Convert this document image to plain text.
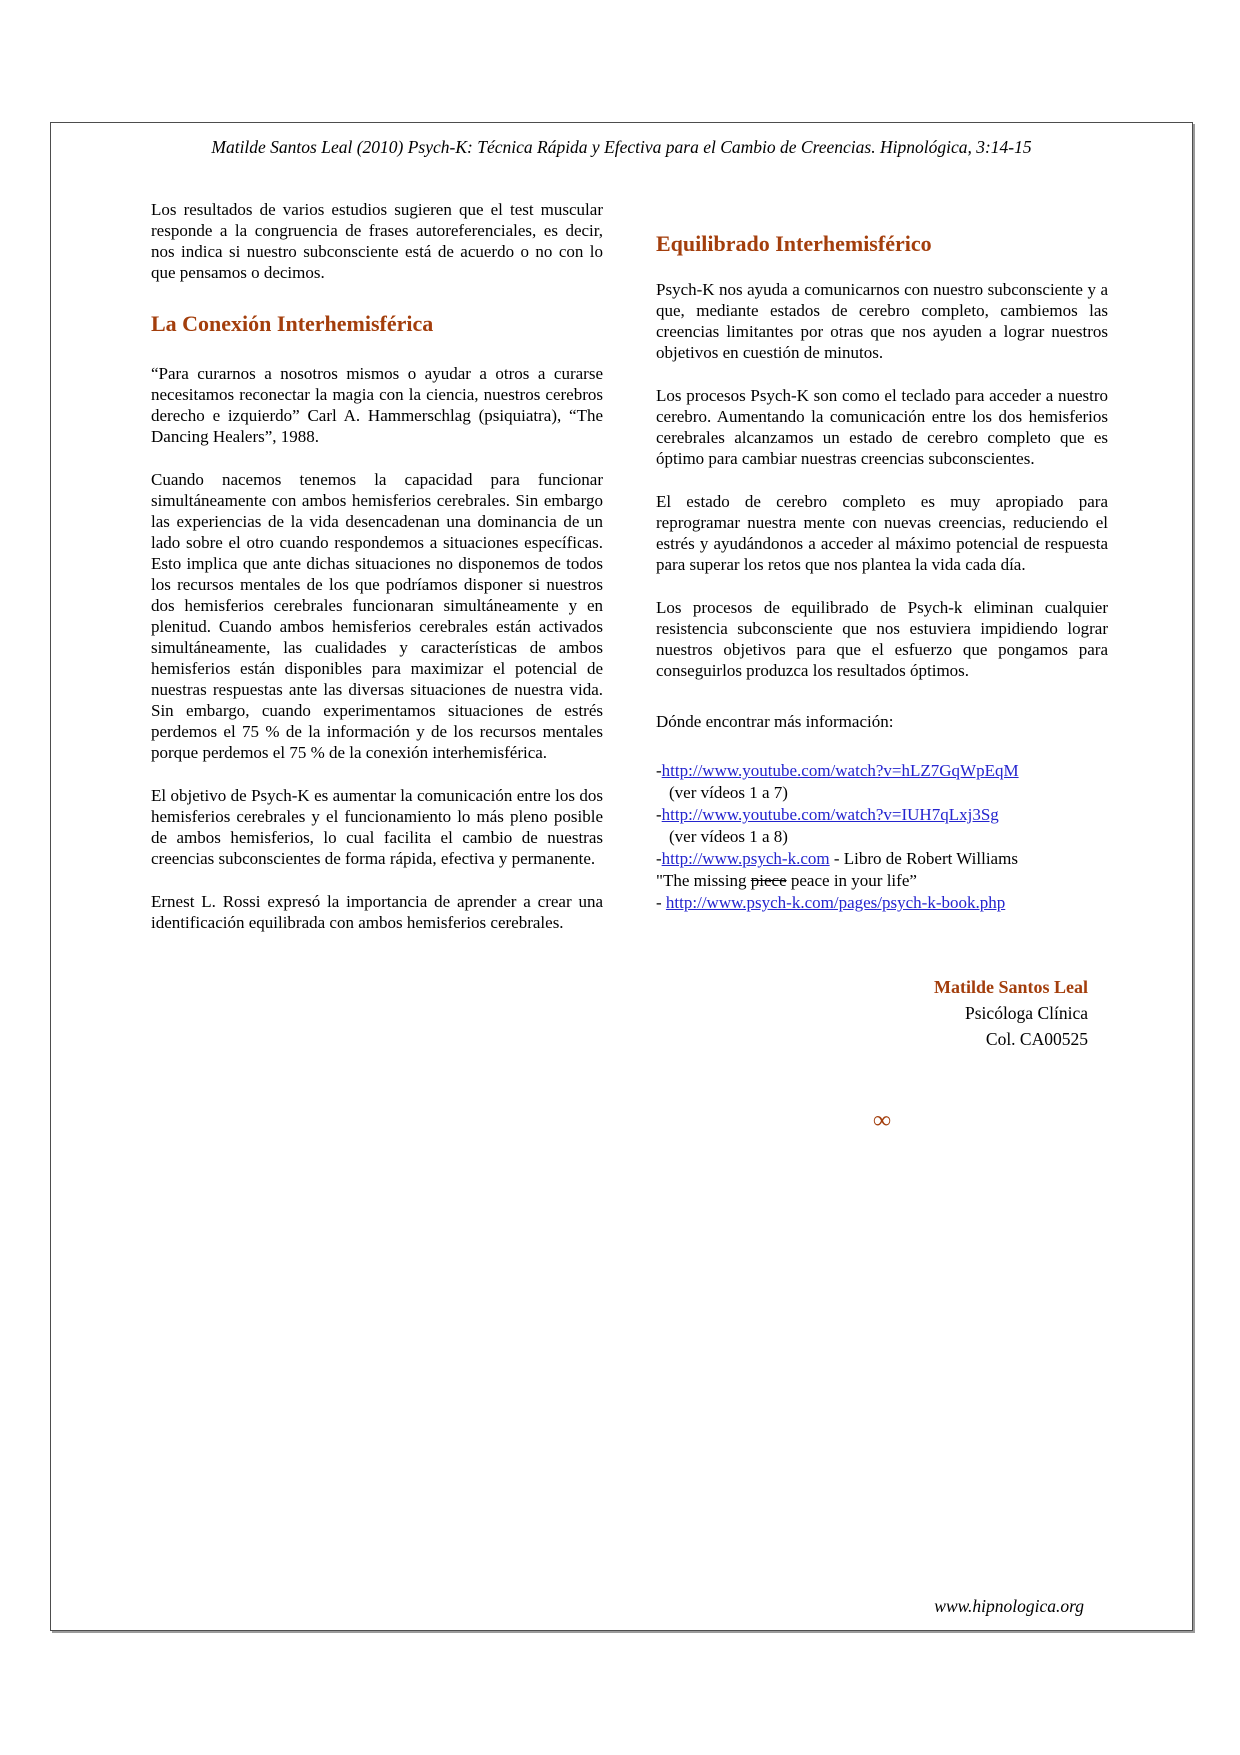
Matilde Santos Leal (2010) Psych-K: Técnica Rápida y Efectiva para el Cambio de Creencias. Hipnológica, 3:14-15

Los resultados de varios estudios sugieren que el test muscular responde a la congruencia de frases autoreferenciales, es decir, nos indica si nuestro subconsciente está de acuerdo o no con lo que pensamos o decimos.

La Conexión Interhemisférica

“Para curarnos a nosotros mismos o ayudar a otros a curarse necesitamos reconectar la magia con la ciencia, nuestros cerebros derecho e izquierdo” Carl A. Hammerschlag (psiquiatra), “The Dancing Healers”, 1988.

Cuando nacemos tenemos la capacidad para funcionar simultáneamente con ambos hemisferios cerebrales. Sin embargo las experiencias de la vida desencadenan una dominancia de un lado sobre el otro cuando respondemos a situaciones específicas. Esto implica que ante dichas situaciones no disponemos de todos los recursos mentales de los que podríamos disponer si nuestros dos hemisferios cerebrales funcionaran simultáneamente y en plenitud. Cuando ambos hemisferios cerebrales están activados simultáneamente, las cualidades y características de ambos hemisferios están disponibles para maximizar el potencial de nuestras respuestas ante las diversas situaciones de nuestra vida. Sin embargo, cuando experimentamos situaciones de estrés perdemos el 75 % de la información y de los recursos mentales porque perdemos el 75 % de la conexión interhemisférica.

El objetivo de Psych-K es aumentar la comunicación entre los dos hemisferios cerebrales y el funcionamiento lo más pleno posible de ambos hemisferios, lo cual facilita el cambio de nuestras creencias subconscientes de forma rápida, efectiva y permanente.

Ernest L. Rossi expresó la importancia de aprender a crear una identificación equilibrada con ambos hemisferios cerebrales.

Equilibrado Interhemisférico

Psych-K nos ayuda a comunicarnos con nuestro subconsciente y a que, mediante estados de cerebro completo, cambiemos las creencias limitantes por otras que nos ayuden a lograr nuestros objetivos en cuestión de minutos.

Los procesos Psych-K son como el teclado para acceder a nuestro cerebro. Aumentando la comunicación entre los dos hemisferios cerebrales alcanzamos un estado de cerebro completo que es óptimo para cambiar nuestras creencias subconscientes.

El estado de cerebro completo es muy apropiado para reprogramar nuestra mente con nuevas creencias, reduciendo el estrés y ayudándonos a acceder al máximo potencial de respuesta para superar los retos que nos plantea la vida cada día.

Los procesos de equilibrado de Psych-k eliminan cualquier resistencia subconsciente que nos estuviera impidiendo lograr nuestros objetivos para que el esfuerzo que pongamos para conseguirlos produzca los resultados óptimos.

Dónde encontrar más información:

-http://www.youtube.com/watch?v=hLZ7GqWpEqM
(ver vídeos 1 a 7)
-http://www.youtube.com/watch?v=IUH7qLxj3Sg
(ver vídeos 1 a 8)
-http://www.psych-k.com - Libro de Robert Williams
"The missing piece peace in your life”
- http://www.psych-k.com/pages/psych-k-book.php
Matilde Santos Leal
Psicóloga Clínica
Col. CA00525
∞
www.hipnologica.org
